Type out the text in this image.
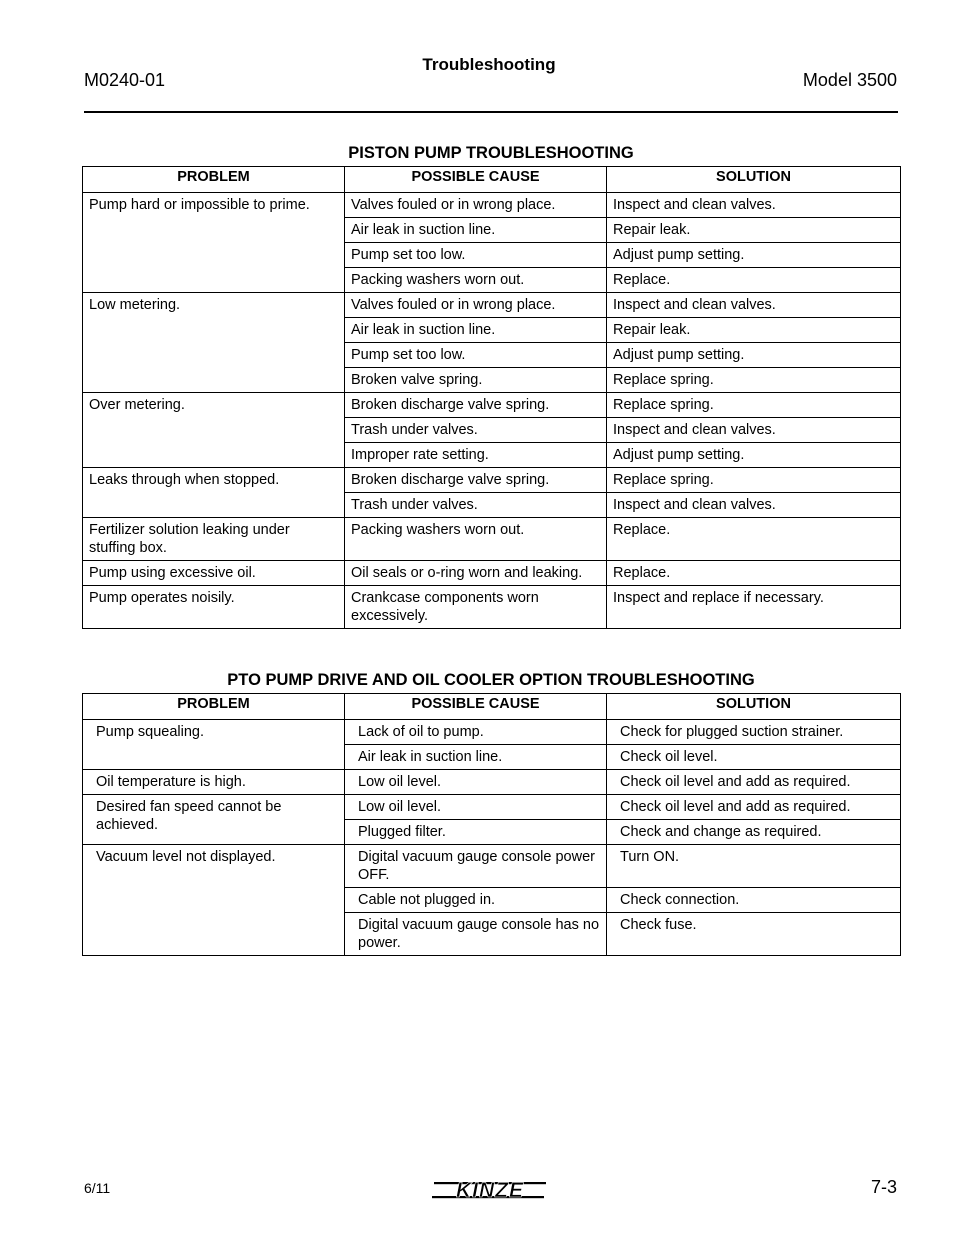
M0240-01
Troubleshooting
Model 3500
PISTON PUMP TROUBLESHOOTING
PROBLEM	POSSIBLE CAUSE	SOLUTION
Pump hard or impossible to prime.	Valves fouled or in wrong place.	Inspect and clean valves.
	Air leak in suction line.	Repair leak.
	Pump set too low.	Adjust pump setting.
	Packing washers worn out.	Replace.
Low metering.	Valves fouled or in wrong place.	Inspect and clean valves.
	Air leak in suction line.	Repair leak.
	Pump set too low.	Adjust pump setting.
	Broken valve spring.	Replace spring.
Over metering.	Broken discharge valve spring.	Replace spring.
	Trash under valves.	Inspect and clean valves.
	Improper rate setting.	Adjust pump setting.
Leaks through when stopped.	Broken discharge valve spring.	Replace spring.
	Trash under valves.	Inspect and clean valves.
Fertilizer solution leaking under stuffing box.	Packing washers worn out.	Replace.
Pump using excessive oil.	Oil seals or o-ring worn and leaking.	Replace.
Pump operates noisily.	Crankcase components worn excessively.	Inspect and replace if necessary.
PTO PUMP DRIVE AND OIL COOLER OPTION TROUBLESHOOTING
PROBLEM	POSSIBLE CAUSE	SOLUTION
Pump squealing.	Lack of oil to pump.	Check for plugged suction strainer.
	Air leak in suction line.	Check oil level.
Oil temperature is high.	Low oil level.	Check oil level and add as required.
Desired fan speed cannot be achieved.	Low oil level.	Check oil level and add as required.
	Plugged filter.	Check and change as required.
Vacuum level not displayed.	Digital vacuum gauge console power OFF.	Turn ON.
	Cable not plugged in.	Check connection.
	Digital vacuum gauge console has no power.	Check fuse.
6/11	KINZE	7-3
